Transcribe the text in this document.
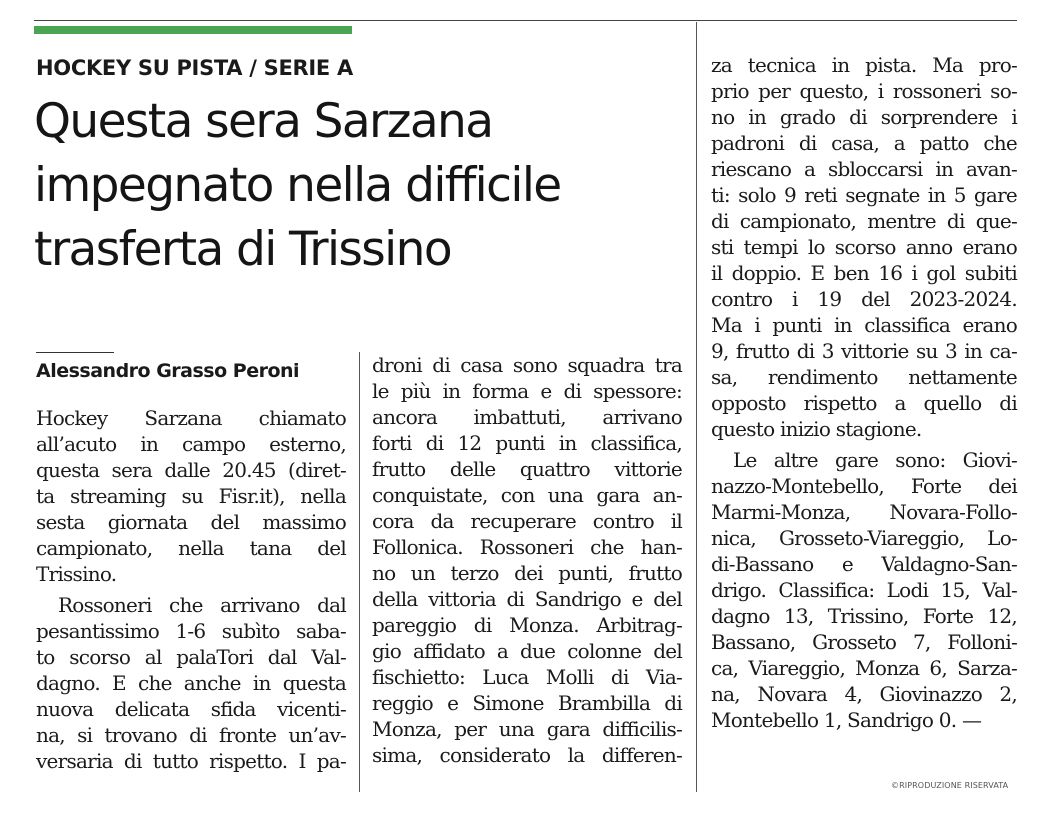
HOCKEY SU PISTA / SERIE A
Questa sera Sarzana
impegnato nella difficile
trasferta di Trissino
Alessandro Grasso Peroni
Hockey Sarzana chiamato
all’acuto in campo esterno,
questa sera dalle 20.45 (diret-
ta streaming su Fisr.it), nella
sesta giornata del massimo
campionato, nella tana del
Trissino.
Rossoneri che arrivano dal
pesantissimo 1-6 subìto saba-
to scorso al palaTori dal Val-
dagno. E che anche in questa
nuova delicata sfida vicenti-
na, si trovano di fronte un’av-
versaria di tutto rispetto. I pa-
droni di casa sono squadra tra
le più in forma e di spessore:
ancora imbattuti, arrivano
forti di 12 punti in classifica,
frutto delle quattro vittorie
conquistate, con una gara an-
cora da recuperare contro il
Follonica. Rossoneri che han-
no un terzo dei punti, frutto
della vittoria di Sandrigo e del
pareggio di Monza. Arbitrag-
gio affidato a due colonne del
fischietto: Luca Molli di Via-
reggio e Simone Brambilla di
Monza, per una gara difficilis-
sima, considerato la differen-
za tecnica in pista. Ma pro-
prio per questo, i rossoneri so-
no in grado di sorprendere i
padroni di casa, a patto che
riescano a sbloccarsi in avan-
ti: solo 9 reti segnate in 5 gare
di campionato, mentre di que-
sti tempi lo scorso anno erano
il doppio. E ben 16 i gol subiti
contro i 19 del 2023-2024.
Ma i punti in classifica erano
9, frutto di 3 vittorie su 3 in ca-
sa, rendimento nettamente
opposto rispetto a quello di
questo inizio stagione.
Le altre gare sono: Giovi-
nazzo-Montebello, Forte dei
Marmi-Monza, Novara-Follo-
nica, Grosseto-Viareggio, Lo-
di-Bassano e Valdagno-San-
drigo. Classifica: Lodi 15, Val-
dagno 13, Trissino, Forte 12,
Bassano, Grosseto 7, Folloni-
ca, Viareggio, Monza 6, Sarza-
na, Novara 4, Giovinazzo 2,
Montebello 1, Sandrigo 0. —
©RIPRODUZIONE RISERVATA
